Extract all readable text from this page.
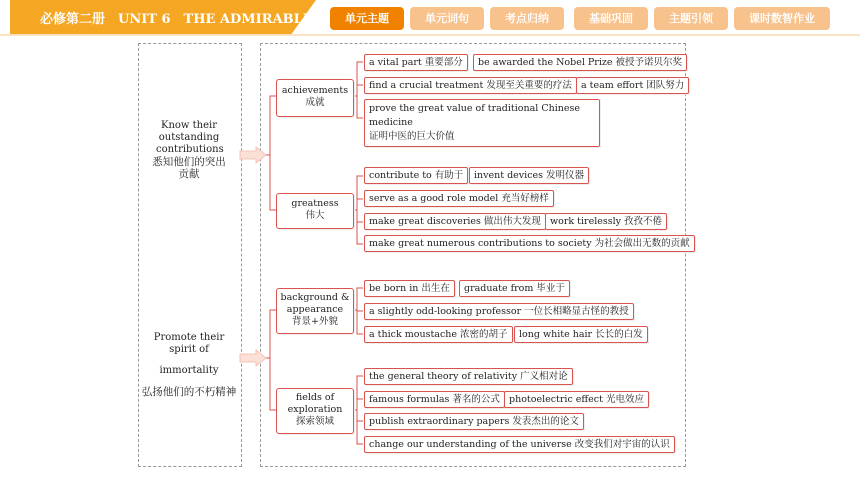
必修第二册　UNIT 6　THE ADMIRABLE	单元主题	单元词句	考点归纳	基础巩固	主题引领	课时数智作业
Know their outstanding contributions
悉知他们的突出贡献
Promote their spirit of
immortality
弘扬他们的不朽精神
achievements
成就
greatness
伟大
background &
appearance
背景+外貌
fields of
exploration
探索领域
a vital part 重要部分	be awarded the Nobel Prize 被授予诺贝尔奖
find a crucial treatment 发现至关重要的疗法 a team effort 团队努力
prove the great value of traditional Chinese medicine
证明中医的巨大价值
contribute to 有助于	invent devices 发明仪器
serve as a good role model 充当好榜样
make great discoveries 做出伟大发现 work tirelessly 孜孜不倦
make great numerous contributions to society 为社会做出无数的贡献
be born in 出生在	graduate from 毕业于
a slightly odd-looking professor 一位长相略显古怪的教授
a thick moustache 浓密的胡子	long white hair 长长的白发
the general theory of relativity 广义相对论
famous formulas 著名的公式 photoelectric effect 光电效应
publish extraordinary papers 发表杰出的论文
change our understanding of the universe 改变我们对宇宙的认识
